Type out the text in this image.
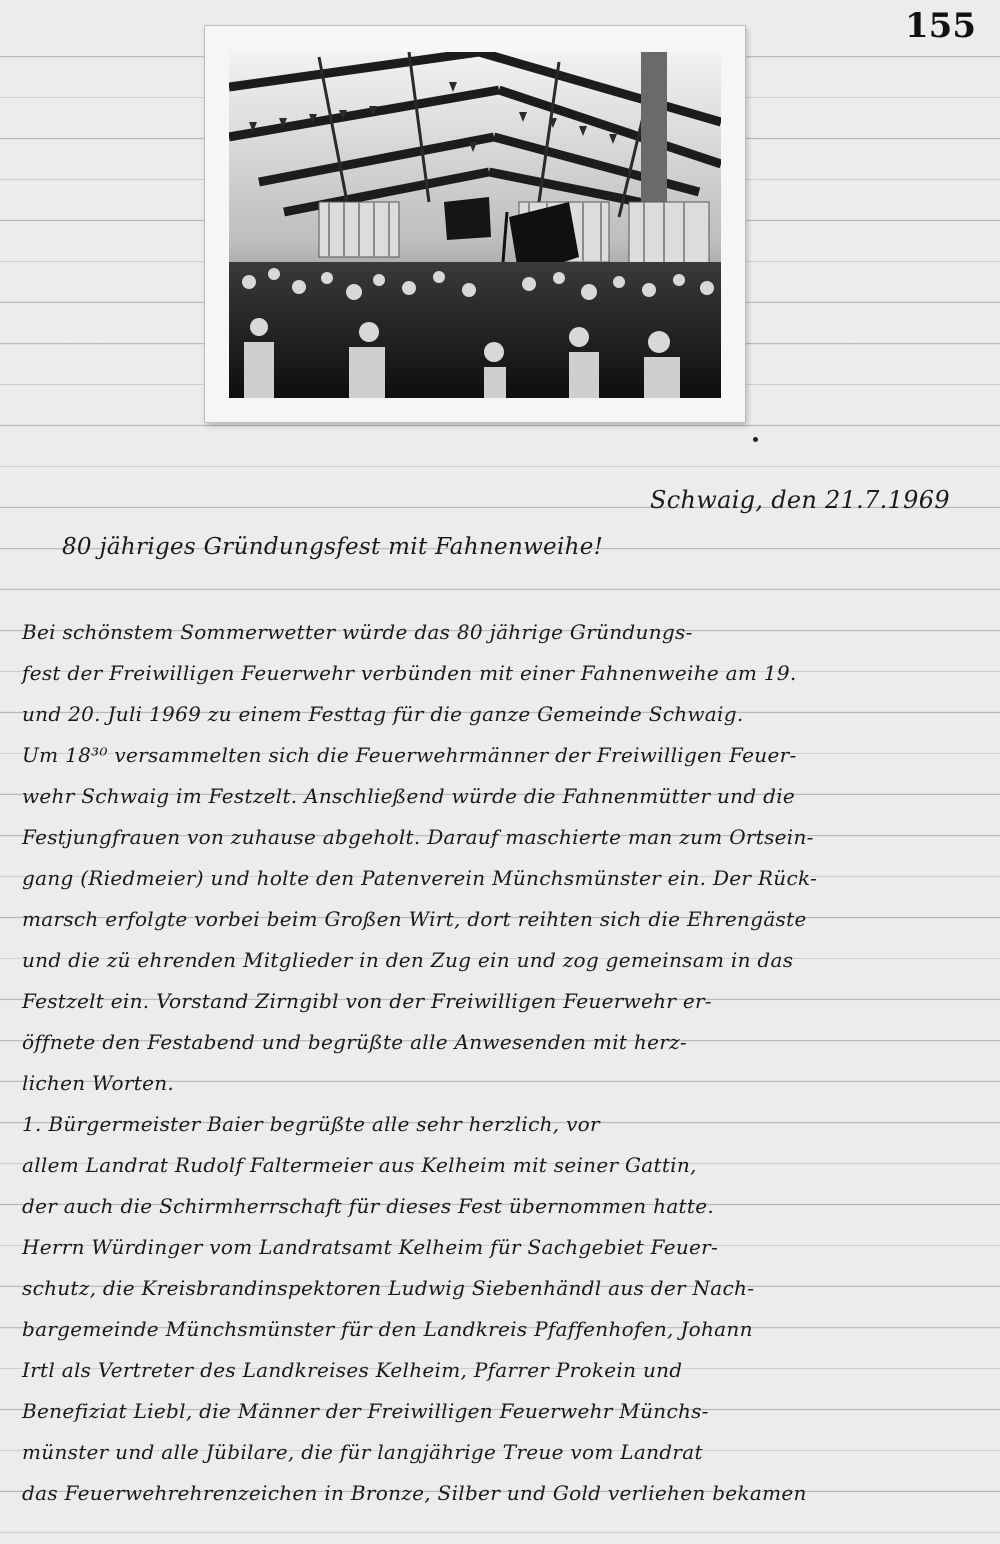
155

Schwaig, den 21.7.1969

80 jähriges Gründungsfest mit Fahnenweihe!

Bei schönstem Sommerwetter würde das 80 jährige Gründungs-

fest der Freiwilligen Feuerwehr verbünden mit einer Fahnenweihe am 19.

und 20. Juli 1969 zu einem Festtag für die ganze Gemeinde Schwaig.

Um 18³⁰ versammelten sich die Feuerwehrmänner der Freiwilligen Feuer-

wehr Schwaig im Festzelt. Anschließend würde die Fahnenmütter und die

Festjungfrauen von zuhause abgeholt. Darauf maschierte man zum Ortsein-

gang (Riedmeier) und holte den Patenverein Münchsmünster ein. Der Rück-

marsch erfolgte vorbei beim Großen Wirt, dort reihten sich die Ehrengäste

und die zü ehrenden Mitglieder in den Zug ein und zog gemeinsam in das

Festzelt ein. Vorstand Zirngibl von der Freiwilligen Feuerwehr er-

öffnete den Festabend und begrüßte alle Anwesenden mit herz-

lichen Worten.

1. Bürgermeister Baier begrüßte alle sehr herzlich, vor

allem Landrat Rudolf Faltermeier aus Kelheim mit seiner Gattin,

der auch die Schirmherrschaft für dieses Fest übernommen hatte.

Herrn Würdinger vom Landratsamt Kelheim für Sachgebiet Feuer-

schutz, die Kreisbrandinspektoren Ludwig Siebenhändl aus der Nach-

bargemeinde Münchsmünster für den Landkreis Pfaffenhofen, Johann

Irtl als Vertreter des Landkreises Kelheim, Pfarrer Prokein und

Benefiziat Liebl, die Männer der Freiwilligen Feuerwehr Münchs-

münster und alle Jübilare, die für langjährige Treue vom Landrat

das Feuerwehrehrenzeichen in Bronze, Silber und Gold verliehen bekamen
